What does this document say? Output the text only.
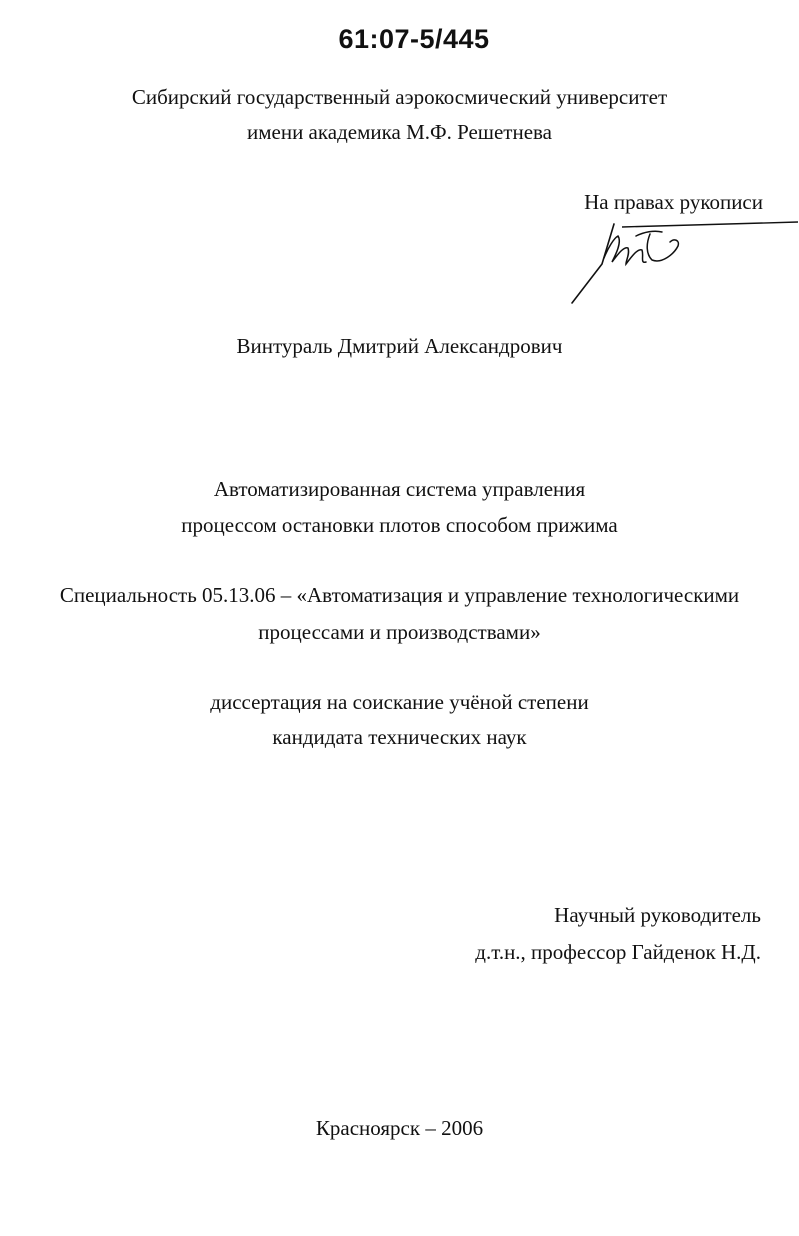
61:07-5/445
Сибирский государственный аэрокосмический университет
имени академика М.Ф. Решетнева
На правах рукописи
Винтураль Дмитрий Александрович
Автоматизированная система управления
процессом остановки плотов способом прижима
Специальность 05.13.06 – «Автоматизация и управление технологическими
процессами и производствами»
диссертация на соискание учёной степени
кандидата технических наук
Научный руководитель
д.т.н., профессор Гайденок Н.Д.
Красноярск – 2006
